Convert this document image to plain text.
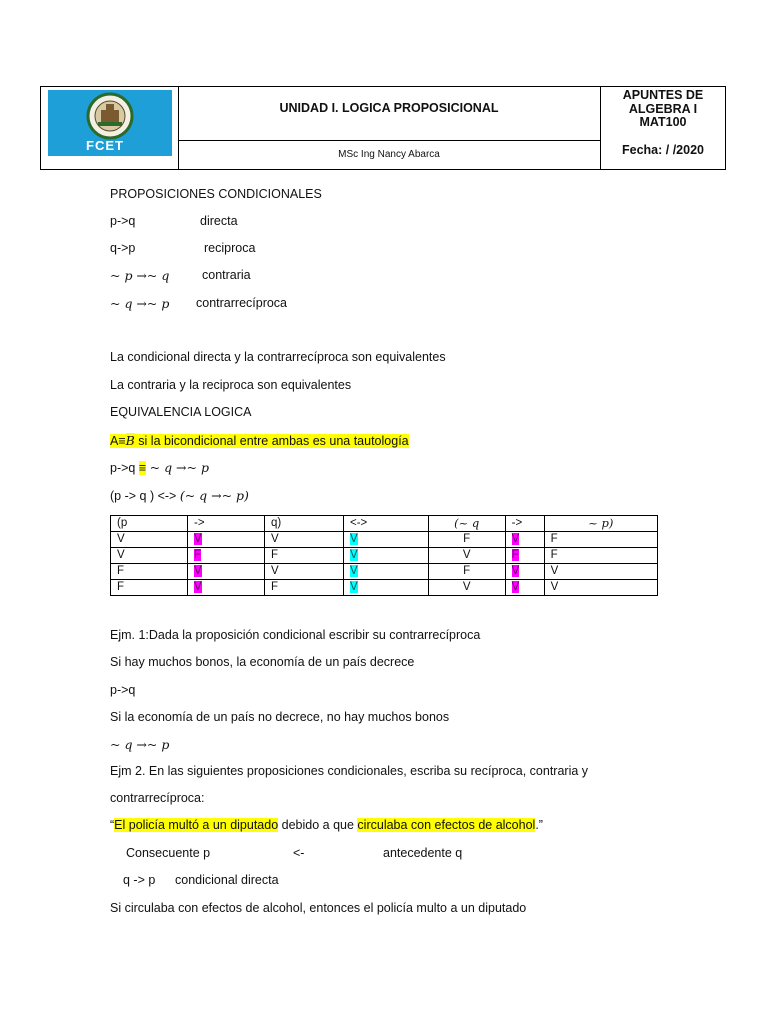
FCET
UNIDAD I. LOGICA PROPOSICIONAL
MSc Ing Nancy Abarca
APUNTES DE ALGEBRA I
MAT100
Fecha: / /2020
PROPOSICIONES CONDICIONALES
p->q	directa
q->p	reciproca
~ p →~ q	contraria
~ q →~ p contrarrecíproca
La condicional directa y la contrarrecíproca son equivalentes
La contraria y la reciproca son equivalentes
EQUIVALENCIA LOGICA
A≡B si la bicondicional entre ambas es una tautología
p->q ≡ ~ q →~ p
(p -> q ) <-> (~ q →~ p)
(p	->	q)	<->	(~ q	->	~ p)
V	V	V	V	F	V	F
V	F	F	V	V	F	F
F	V	V	V	F	V	V
F	V	F	V	V	V	V
Ejm. 1:Dada la proposición condicional escribir su contrarrecíproca
Si hay muchos bonos, la economía de un país decrece
p->q
Si la economía de un país no decrece, no hay muchos bonos
~ q →~ p
Ejm 2. En las siguientes proposiciones condicionales, escriba su recíproca, contraria y
contrarrecíproca:
“El policía multó a un diputado debido a que circulaba con efectos de alcohol.”
Consecuente p	<-	antecedente q
q -> p condicional directa
Si circulaba con efectos de alcohol, entonces el policía multo a un diputado
